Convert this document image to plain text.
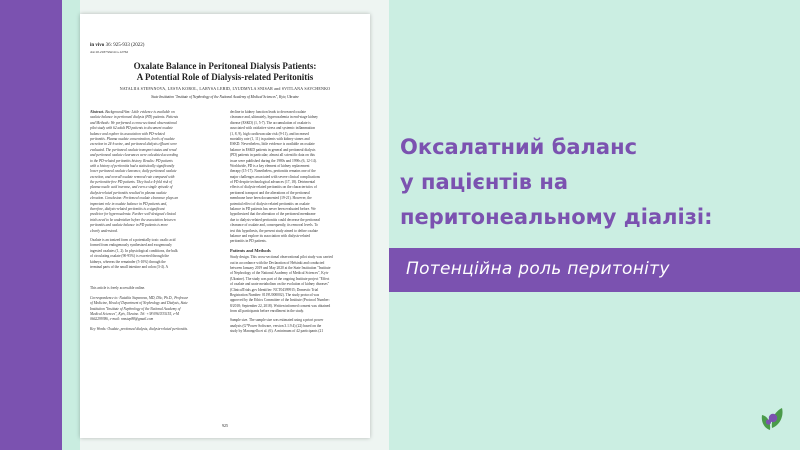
in vivo 36: 925-933 (2022)
doi:10.21873/invivo.12762
Oxalate Balance in Peritoneal Dialysis Patients:
A Potential Role of Dialysis-related Peritonitis
NATALIIA STEPANOVA, LESYA KOROL, LARYSA LEBID, LYUDMYLA SNISAR and SVITLANA SAVCHENKO
State Institution "Institute of Nephrology of the National Academy of Medical Sciences", Kyiv, Ukraine
Abstract. Background/Aim: Little evidence is available on
oxalate balance in peritoneal dialysis (PD) patients. Patients
and Methods: We performed a cross-sectional observational
pilot study with 62 adult PD patients to document oxalate
balance and explore its association with PD-related
peritonitis. Plasma oxalate concentration, levels of oxalate
excretion in 24-h urine, and peritoneal dialysis effluent were
evaluated. The peritoneal oxalate transport status and renal
and peritoneal oxalate clearances were calculated according
to the PD-related peritonitis history. Results: PD patients
with a history of peritonitis had a statistically significantly
lower peritoneal oxalate clearance, daily peritoneal oxalate
excretion, and overall oxalate removal rate compared with
the peritonitis-free PD patients. They had a 4-fold risk of
plasma oxalic acid increase, and even a single episode of
dialysis-related peritonitis resulted in plasma oxalate
elevation. Conclusion: Peritoneal oxalate clearance plays an
important role in oxalate balance in PD patients and,
therefore, dialysis-related peritonitis is a significant
predictor for hyperoxalemia. Further well-designed clinical
trials need to be undertaken before the association between
peritonitis and oxalate balance in PD patients is more
clearly understood.
Oxalate is an ionized form of a potentially toxic oxalic acid
formed from endogenously synthesized and exogenously
ingested oxalates (1, 2). In physiological conditions, the bulk
of circulating oxalate (90-95%) is excreted through the
kidneys, whereas the remainder (5-10%) through the
terminal parts of the small intestine and colon (3-4). A
This article is freely accessible online.
Correspondence to: Nataliia Stepanova, MD, DSc, Ph.D., Professor
of Medicine, Head of Department of Nephrology and Dialysis, State
Institution "Institute of Nephrology of the National Academy of
Medical Sciences", Kyiv, Ukraine. Tel: +38 0963335155, e-M
0662299386, e-mail: nmstep88@gmail.com
Key Words: Oxalate, peritoneal dialysis, dialysis-related peritonitis.
decline in kidney function leads to decreased oxalate
clearance and, ultimately, hyperoxalemia in end-stage kidney
disease (ESKD) (1, 5-7). The accumulation of oxalate is
associated with oxidative stress and systemic inflammation
(1, 8, 9), high cardiovascular risk (9-11), and increased
mortality rate (1, 11) in patients with kidney stones and
ESKD. Nevertheless, little evidence is available on oxalate
balance in ESKD patients in general and peritoneal dialysis
(PD) patients in particular; almost all scientific data on this
issue were published during the 1980s and 1990s (6, 12-14).
Worldwide, PD is a key element of kidney replacement
therapy (15-17). Nonetheless, peritonitis remains one of the
major challenges associated with severe clinical complications
of PD despite technological advances (17, 18). Detrimental
effects of dialysis-related peritonitis on the characteristics of
peritoneal transport and the alterations of the peritoneal
membrane have been documented (19-21). However, the
potential effect of dialysis-related peritonitis on oxalate
balance in PD patients has never been evaluated before. We
hypothesized that the alteration of the peritoneal membrane
due to dialysis-related peritonitis could decrease the peritoneal
clearance of oxalate and, consequently, its removal levels. To
test this hypothesis, the present study aimed to define oxalate
balance and explore its association with dialysis-related
peritonitis in PD patients.
Patients and Methods
Study design. This cross-sectional observational pilot study was carried
out in accordance with the Declaration of Helsinki and conducted
between January 2019 and May 2020 at the State Institution "Institute
of Nephrology of the National Academy of Medical Sciences", Kyiv
(Ukraine). The study was part of the ongoing Institute project "Effect
of oxalate and urate metabolism on the evolution of kidney diseases"
(ClinicalTrials.gov Identifier: NCT04399915; Domestic Trial
Registration Number: 0119U000002). The study protocol was
approved by the Ethics Committee of the Institute (Protocol Number:
8/2018; September 22, 2018). Written informed consent was obtained
from all participants before enrollment in the study.
Sample size. The sample size was estimated using a priori power
analysis (G*Power Software, version 3.1.9.4) (22) based on the
study by Marangella et al. (6). A minimum of 42 participants (21
925
Оксалатний баланс
у пацієнтів на
перитонеальному діалізі:
Потенційна роль перитоніту
